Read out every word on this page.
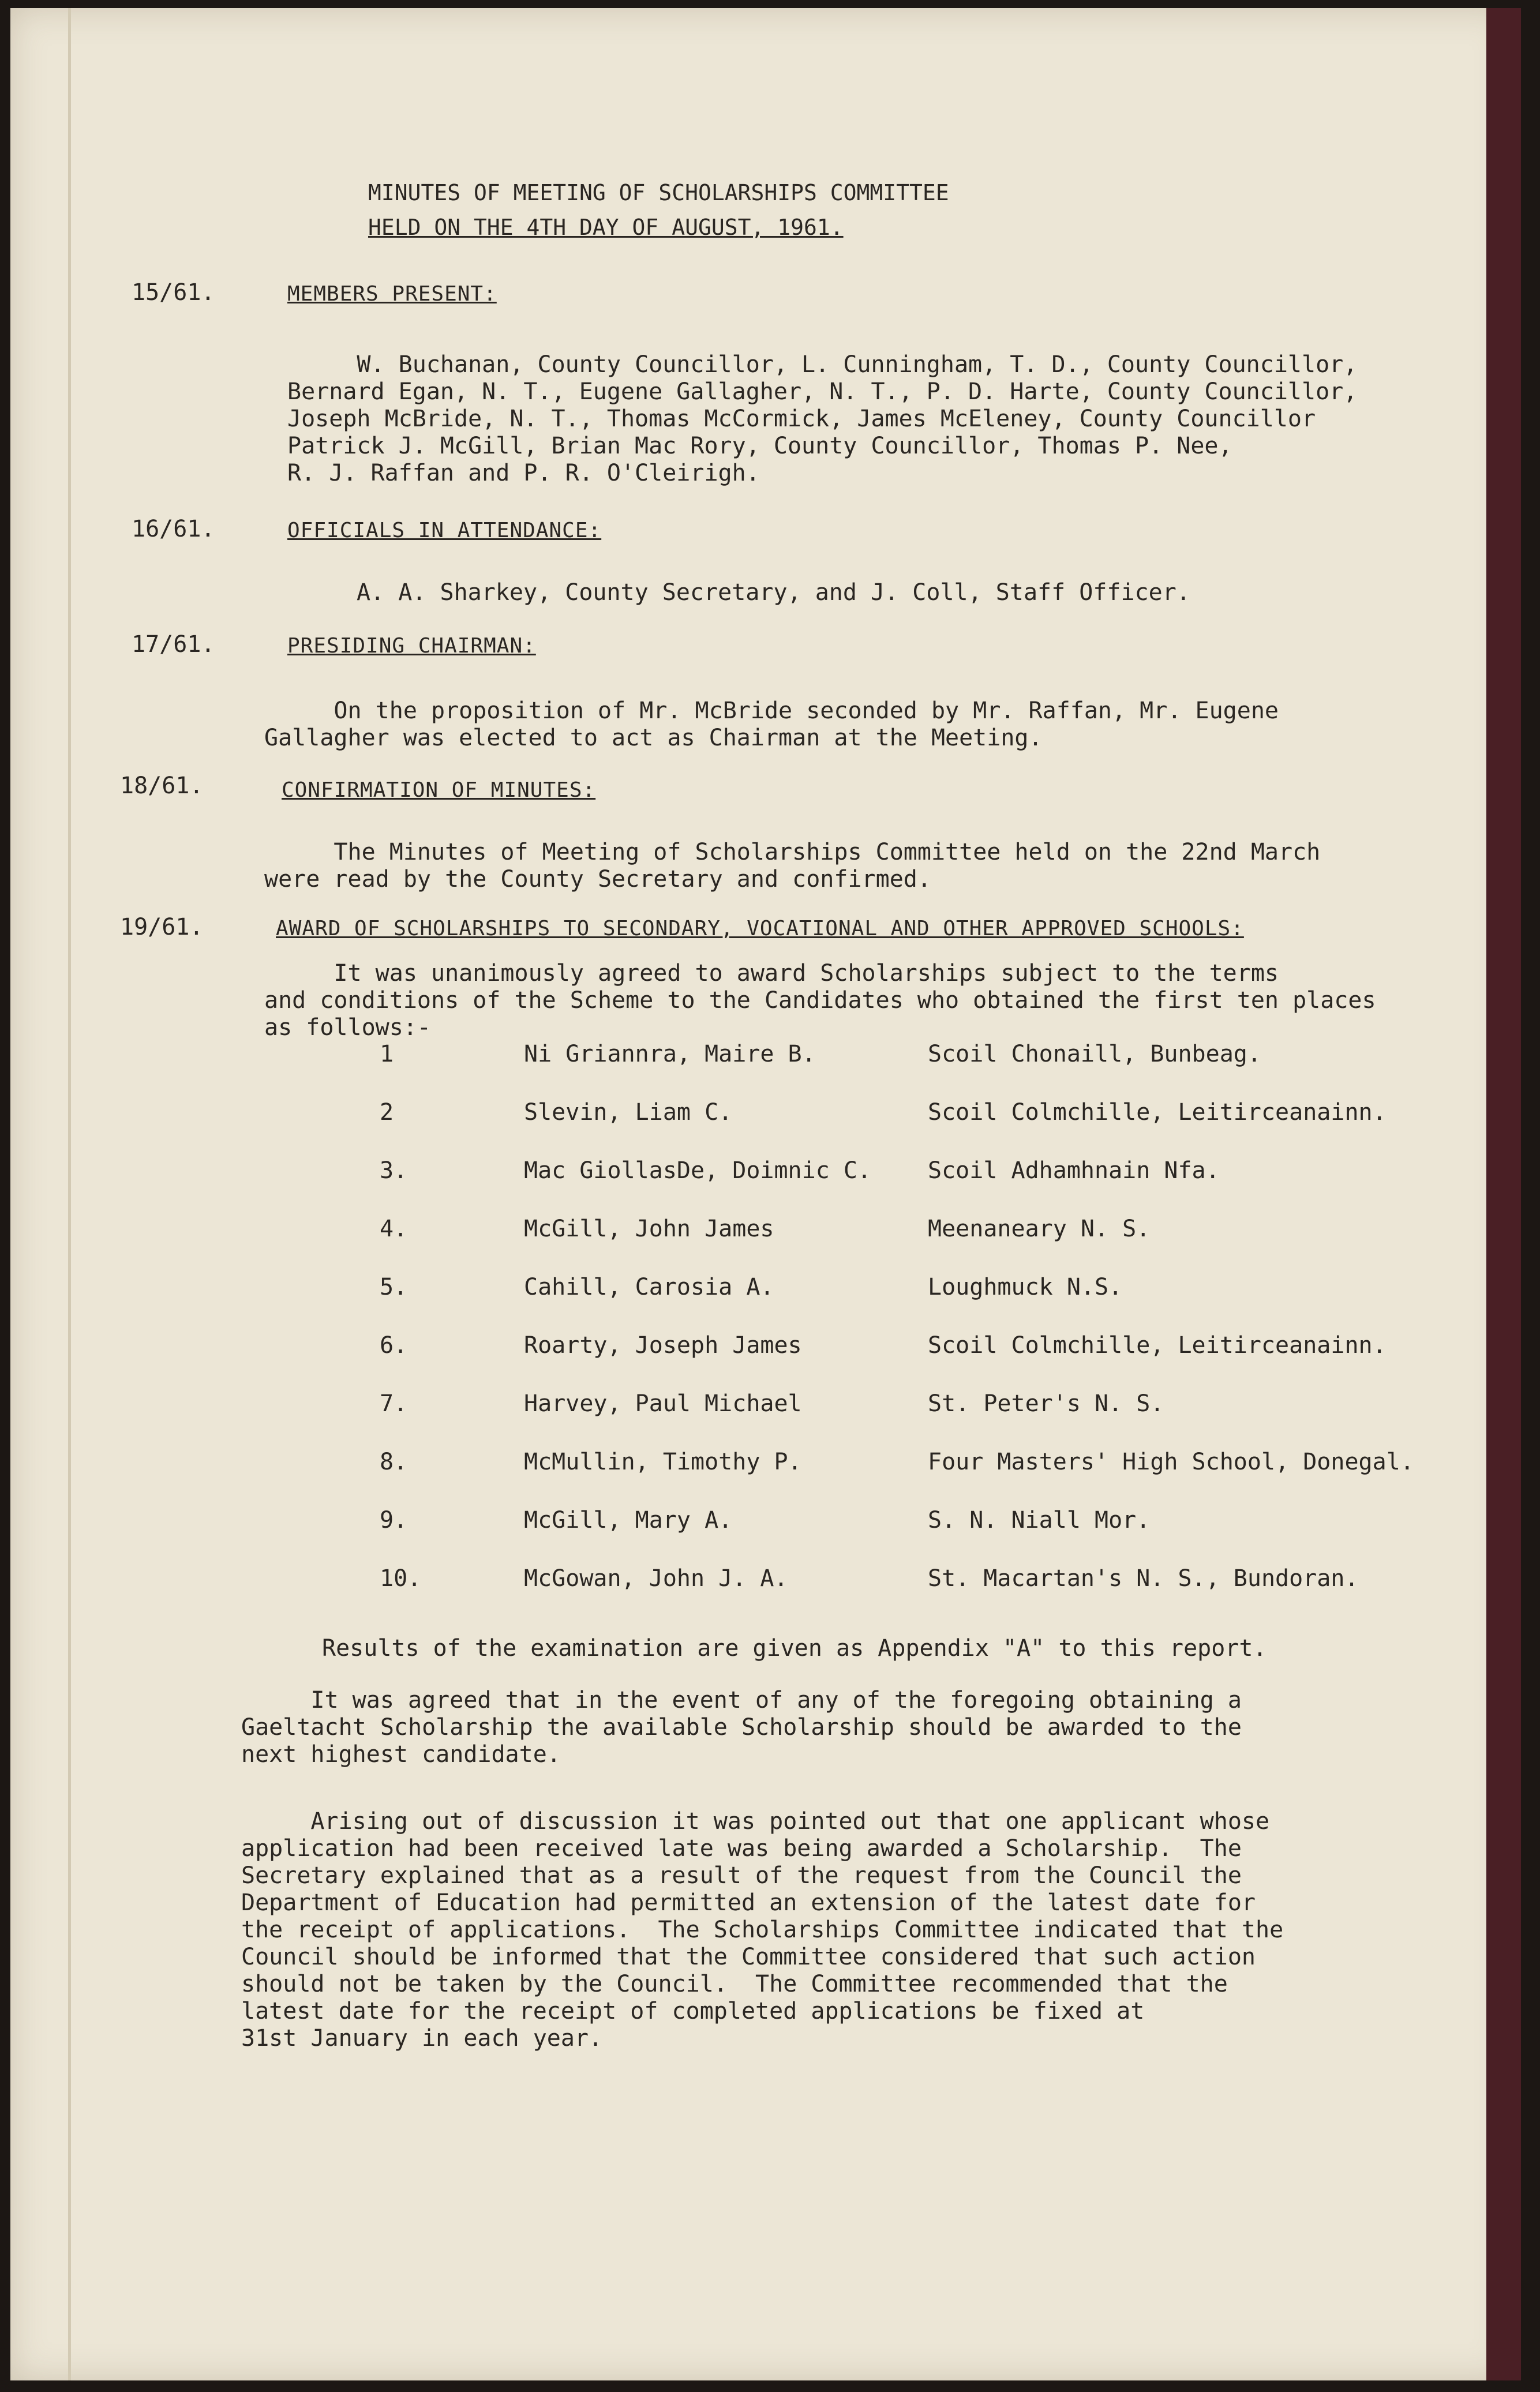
MINUTES OF MEETING OF SCHOLARSHIPS COMMITTEE
HELD ON THE 4TH DAY OF AUGUST, 1961.
15/61.	MEMBERS PRESENT:
W. Buchanan, County Councillor, L. Cunningham, T. D., County Councillor,
Bernard Egan, N. T., Eugene Gallagher, N. T., P. D. Harte, County Councillor,
Joseph McBride, N. T., Thomas McCormick, James McEleney, County Councillor
Patrick J. McGill, Brian Mac Rory, County Councillor, Thomas P. Nee,
R. J. Raffan and P. R. O'Cleirigh.
16/61.	OFFICIALS IN ATTENDANCE:
A. A. Sharkey, County Secretary, and J. Coll, Staff Officer.
17/61.	PRESIDING CHAIRMAN:
On the proposition of Mr. McBride seconded by Mr. Raffan, Mr. Eugene
Gallagher was elected to act as Chairman at the Meeting.
18/61.	CONFIRMATION OF MINUTES:
The Minutes of Meeting of Scholarships Committee held on the 22nd March
were read by the County Secretary and confirmed.
19/61.	AWARD OF SCHOLARSHIPS TO SECONDARY, VOCATIONAL AND OTHER APPROVED SCHOOLS:
It was unanimously agreed to award Scholarships subject to the terms
and conditions of the Scheme to the Candidates who obtained the first ten places
as follows:-
1	Ni Griannra, Maire B.	Scoil Chonaill, Bunbeag.
2	Slevin, Liam C.	Scoil Colmchille, Leitirceanainn.
3.	Mac GiollasDe, Doimnic C. Scoil Adhamhnain Nfa.
4.	McGill, John James	Meenaneary N. S.
5.	Cahill, Carosia A.	Loughmuck N.S.
6.	Roarty, Joseph James	Scoil Colmchille, Leitirceanainn.
7.	Harvey, Paul Michael	St. Peter's N. S.
8.	McMullin, Timothy P.	Four Masters' High School, Donegal.
9.	McGill, Mary A.	S. N. Niall Mor.
10.	McGowan, John J. A.	St. Macartan's N. S., Bundoran.
Results of the examination are given as Appendix "A" to this report.
It was agreed that in the event of any of the foregoing obtaining a
Gaeltacht Scholarship the available Scholarship should be awarded to the
next highest candidate.
Arising out of discussion it was pointed out that one applicant whose
application had been received late was being awarded a Scholarship.  The
Secretary explained that as a result of the request from the Council the
Department of Education had permitted an extension of the latest date for
the receipt of applications.  The Scholarships Committee indicated that the
Council should be informed that the Committee considered that such action
should not be taken by the Council.  The Committee recommended that the
latest date for the receipt of completed applications be fixed at
31st January in each year.
